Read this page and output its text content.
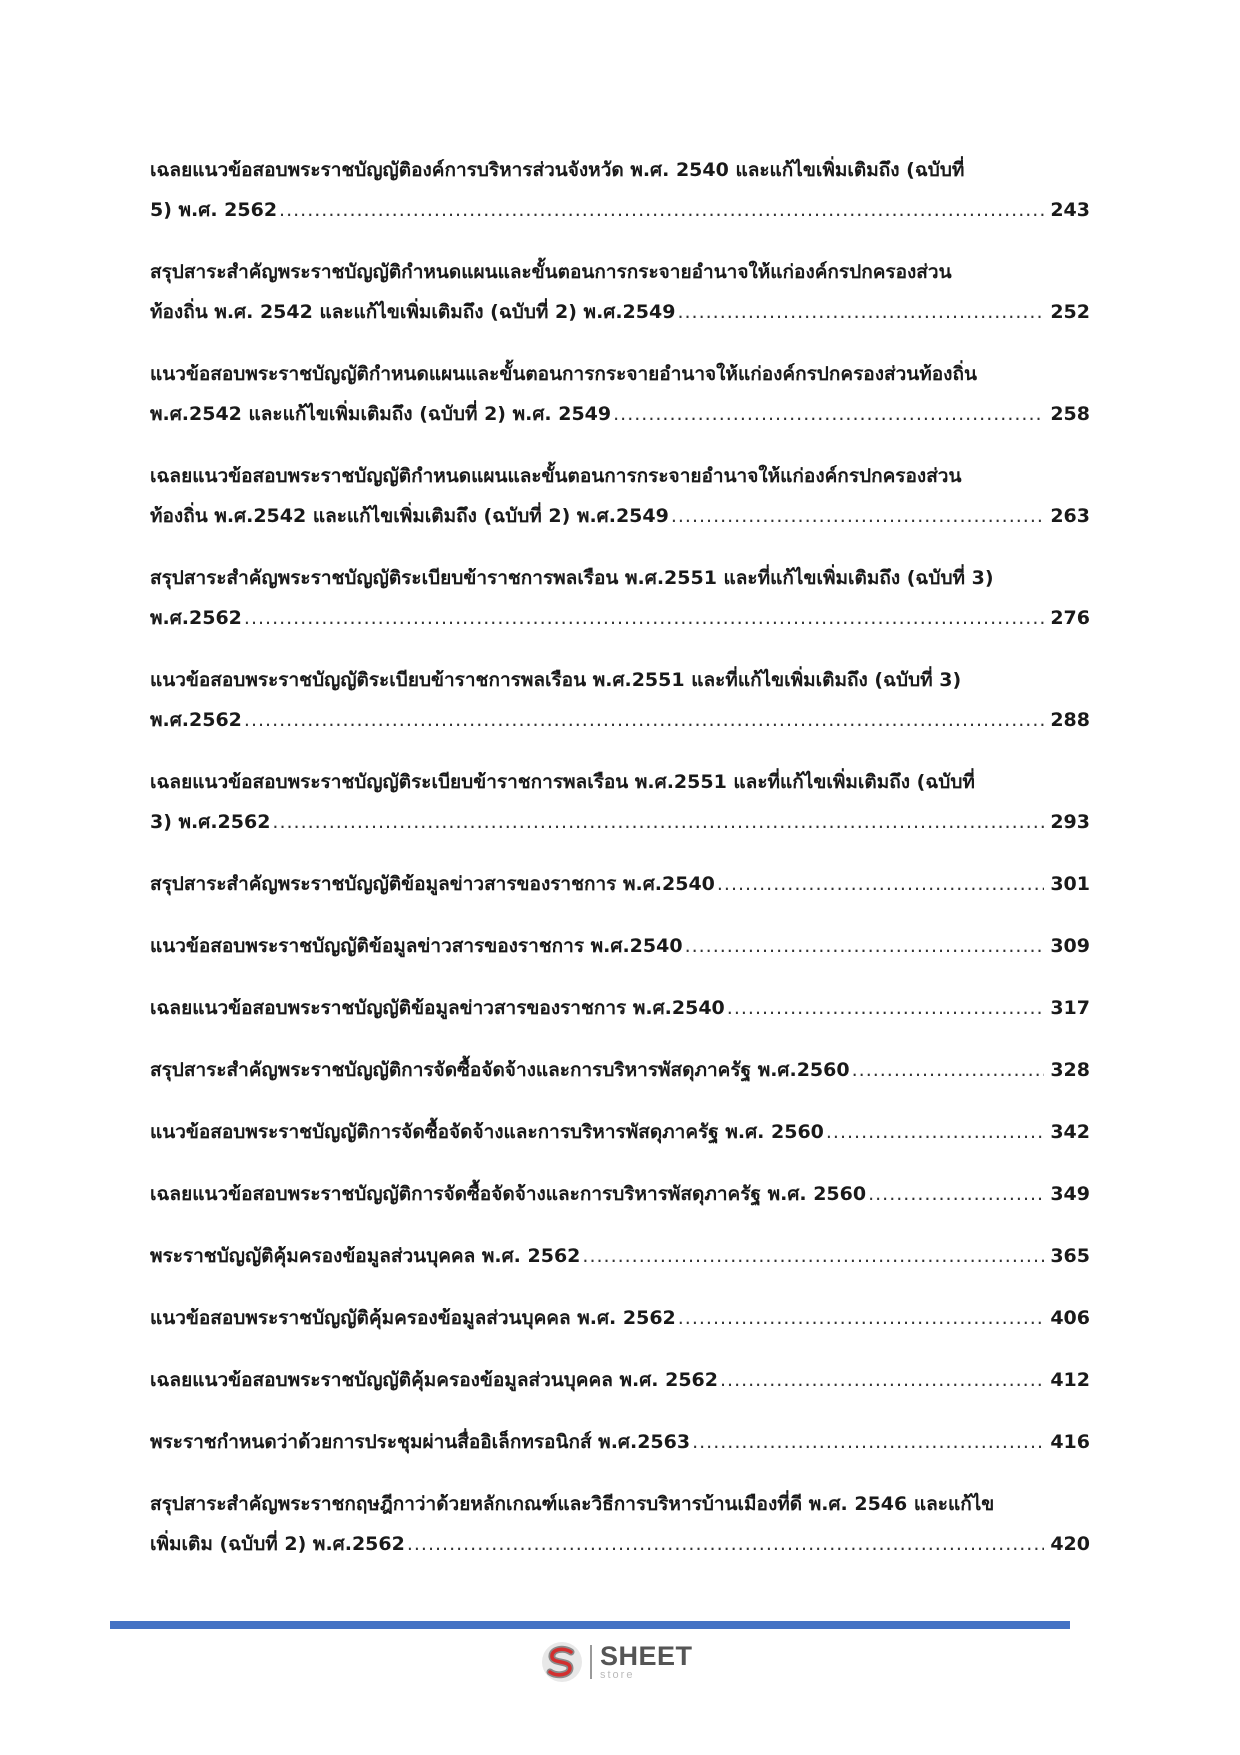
เฉลยแนวข้อสอบพระราชบัญญัติองค์การบริหารส่วนจังหวัด พ.ศ. 2540 และแก้ไขเพิ่มเติมถึง (ฉบับที่
5) พ.ศ. 2562 .....	243
สรุปสาระสำคัญพระราชบัญญัติกำหนดแผนและขั้นตอนการกระจายอำนาจให้แก่องค์กรปกครองส่วน
ท้องถิ่น พ.ศ. 2542 และแก้ไขเพิ่มเติมถึง (ฉบับที่ 2) พ.ศ.2549 .....	252
แนวข้อสอบพระราชบัญญัติกำหนดแผนและขั้นตอนการกระจายอำนาจให้แก่องค์กรปกครองส่วนท้องถิ่น
พ.ศ.2542 และแก้ไขเพิ่มเติมถึง (ฉบับที่ 2) พ.ศ. 2549 .....	258
เฉลยแนวข้อสอบพระราชบัญญัติกำหนดแผนและขั้นตอนการกระจายอำนาจให้แก่องค์กรปกครองส่วน
ท้องถิ่น พ.ศ.2542 และแก้ไขเพิ่มเติมถึง (ฉบับที่ 2) พ.ศ.2549 .....	263
สรุปสาระสำคัญพระราชบัญญัติระเบียบข้าราชการพลเรือน พ.ศ.2551 และที่แก้ไขเพิ่มเติมถึง (ฉบับที่ 3)
พ.ศ.2562 .....	276
แนวข้อสอบพระราชบัญญัติระเบียบข้าราชการพลเรือน พ.ศ.2551 และที่แก้ไขเพิ่มเติมถึง (ฉบับที่ 3)
พ.ศ.2562 .....	288
เฉลยแนวข้อสอบพระราชบัญญัติระเบียบข้าราชการพลเรือน พ.ศ.2551 และที่แก้ไขเพิ่มเติมถึง (ฉบับที่
3) พ.ศ.2562 .....	293
สรุปสาระสำคัญพระราชบัญญัติข้อมูลข่าวสารของราชการ พ.ศ.2540 .....	301
แนวข้อสอบพระราชบัญญัติข้อมูลข่าวสารของราชการ พ.ศ.2540 .....	309
เฉลยแนวข้อสอบพระราชบัญญัติข้อมูลข่าวสารของราชการ พ.ศ.2540 .....	317
สรุปสาระสำคัญพระราชบัญญัติการจัดซื้อจัดจ้างและการบริหารพัสดุภาครัฐ พ.ศ.2560 .....	328
แนวข้อสอบพระราชบัญญัติการจัดซื้อจัดจ้างและการบริหารพัสดุภาครัฐ พ.ศ. 2560 .....	342
เฉลยแนวข้อสอบพระราชบัญญัติการจัดซื้อจัดจ้างและการบริหารพัสดุภาครัฐ พ.ศ. 2560 .....	349
พระราชบัญญัติคุ้มครองข้อมูลส่วนบุคคล พ.ศ. 2562 .....	365
แนวข้อสอบพระราชบัญญัติคุ้มครองข้อมูลส่วนบุคคล พ.ศ. 2562 .....	406
เฉลยแนวข้อสอบพระราชบัญญัติคุ้มครองข้อมูลส่วนบุคคล พ.ศ. 2562 .....	412
พระราชกำหนดว่าด้วยการประชุมผ่านสื่ออิเล็กทรอนิกส์ พ.ศ.2563 .....	416
สรุปสาระสำคัญพระราชกฤษฎีกาว่าด้วยหลักเกณฑ์และวิธีการบริหารบ้านเมืองที่ดี พ.ศ. 2546 และแก้ไข
เพิ่มเติม (ฉบับที่ 2) พ.ศ.2562 .....	420
SHEET
store
